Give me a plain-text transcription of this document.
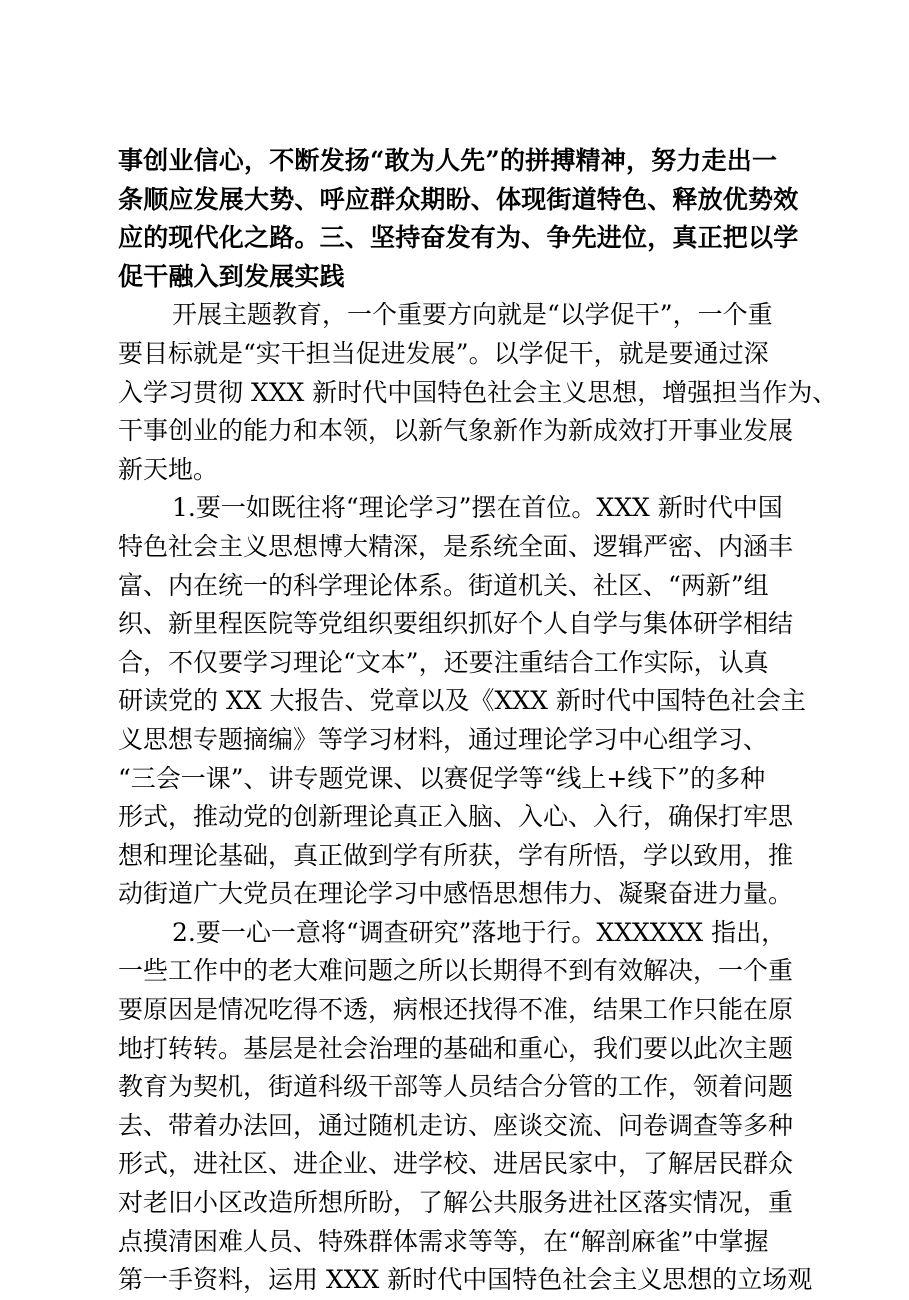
事创业信心，不断发扬“敢为人先”的拼搏精神，努力走出一
条顺应发展大势、呼应群众期盼、体现街道特色、释放优势效
应的现代化之路。三、坚持奋发有为、争先进位，真正把以学
促干融入到发展实践
开展主题教育，一个重要方向就是“以学促干”，一个重
要目标就是“实干担当促进发展”。以学促干，就是要通过深
入学习贯彻 XXX 新时代中国特色社会主义思想，增强担当作为、
干事创业的能力和本领，以新气象新作为新成效打开事业发展
新天地。
1.要一如既往将“理论学习”摆在首位。XXX 新时代中国
特色社会主义思想博大精深，是系统全面、逻辑严密、内涵丰
富、内在统一的科学理论体系。街道机关、社区、“两新”组
织、新里程医院等党组织要组织抓好个人自学与集体研学相结
合，不仅要学习理论“文本”，还要注重结合工作实际，认真
研读党的 XX 大报告、党章以及《XXX 新时代中国特色社会主
义思想专题摘编》等学习材料，通过理论学习中心组学习、
“三会一课”、讲专题党课、以赛促学等“线上+线下”的多种
形式，推动党的创新理论真正入脑、入心、入行，确保打牢思
想和理论基础，真正做到学有所获，学有所悟，学以致用，推
动街道广大党员在理论学习中感悟思想伟力、凝聚奋进力量。
2.要一心一意将“调查研究”落地于行。XXXXXX 指出，
一些工作中的老大难问题之所以长期得不到有效解决，一个重
要原因是情况吃得不透，病根还找得不准，结果工作只能在原
地打转转。基层是社会治理的基础和重心，我们要以此次主题
教育为契机，街道科级干部等人员结合分管的工作，领着问题
去、带着办法回，通过随机走访、座谈交流、问卷调查等多种
形式，进社区、进企业、进学校、进居民家中，了解居民群众
对老旧小区改造所想所盼，了解公共服务进社区落实情况，重
点摸清困难人员、特殊群体需求等等，在“解剖麻雀”中掌握
第一手资料，运用 XXX 新时代中国特色社会主义思想的立场观
